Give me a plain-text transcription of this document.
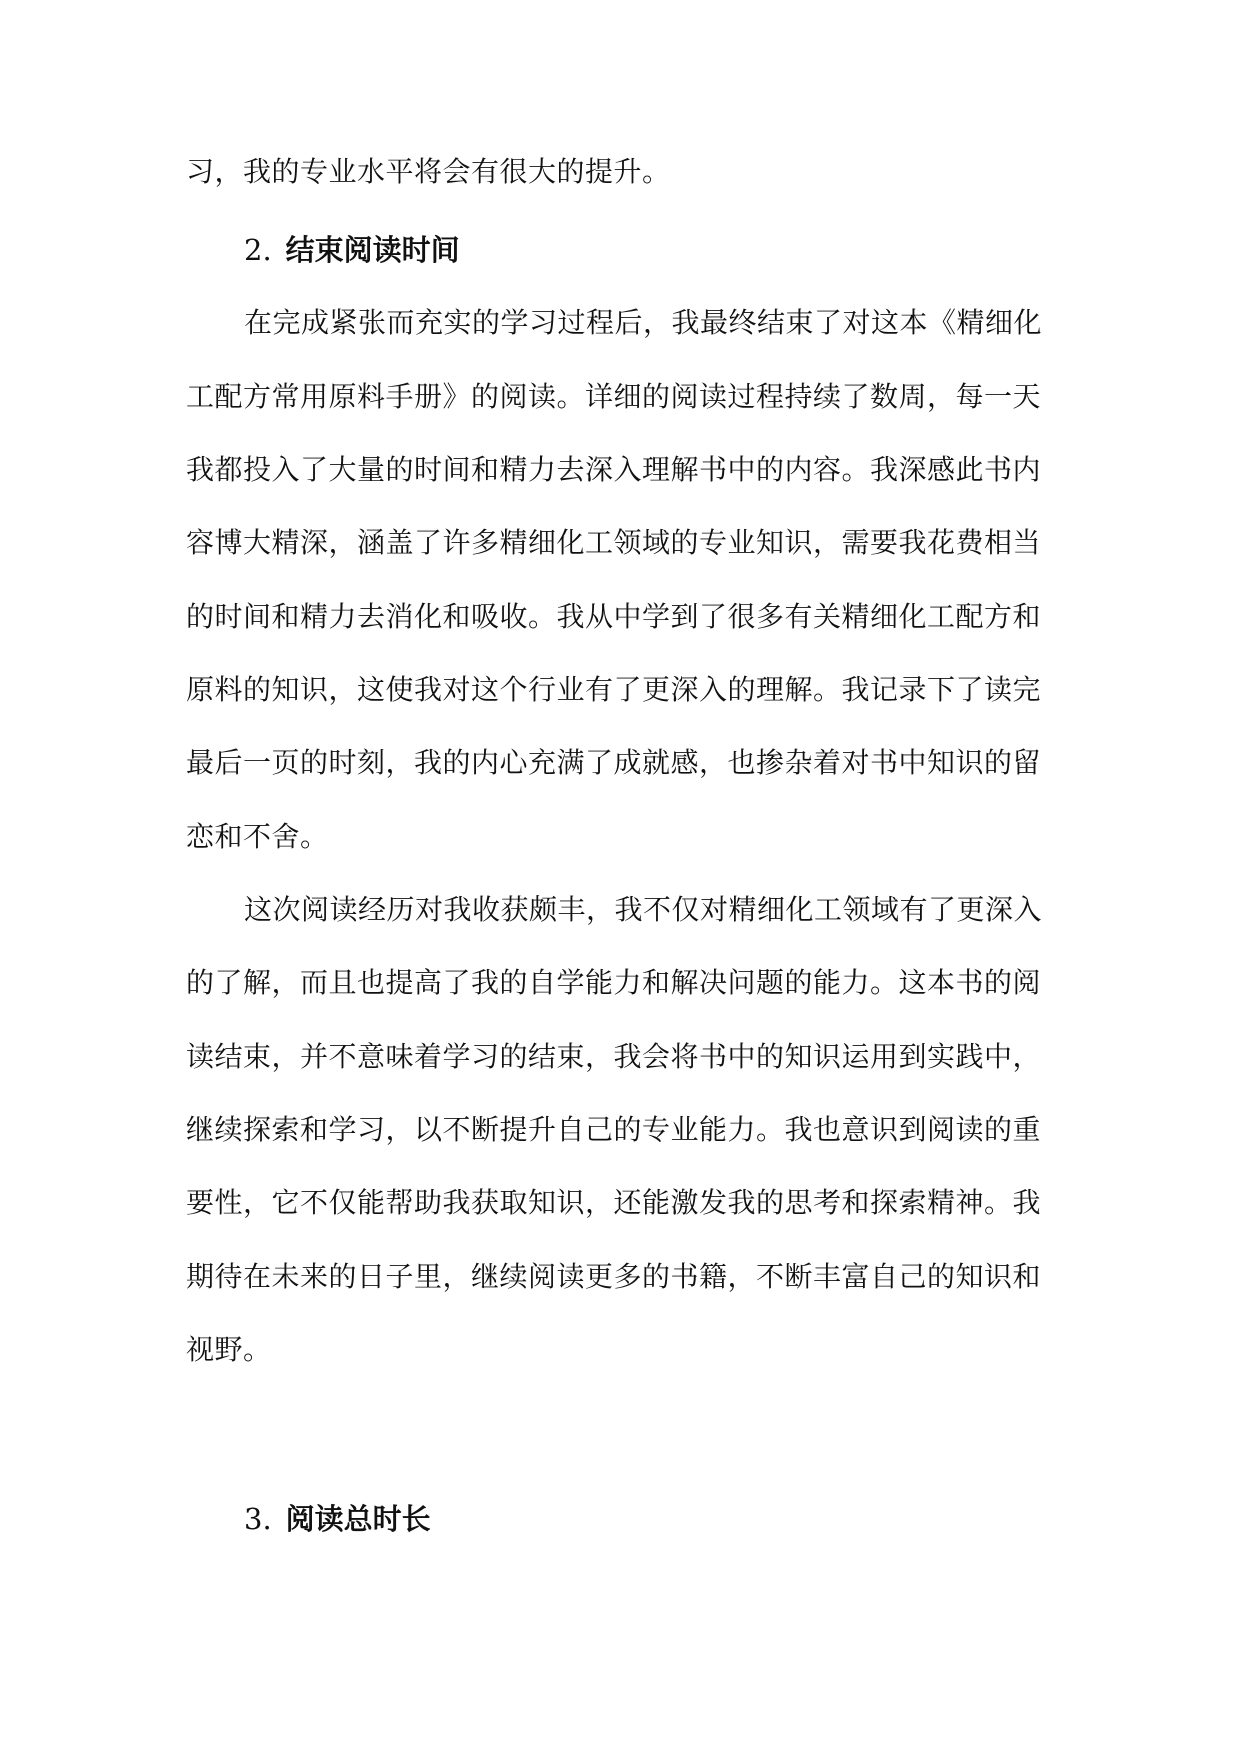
习，我的专业水平将会有很大的提升。
2. 结束阅读时间
在完成紧张而充实的学习过程后，我最终结束了对这本《精细化
工配方常用原料手册》的阅读。详细的阅读过程持续了数周，每一天
我都投入了大量的时间和精力去深入理解书中的内容。我深感此书内
容博大精深，涵盖了许多精细化工领域的专业知识，需要我花费相当
的时间和精力去消化和吸收。我从中学到了很多有关精细化工配方和
原料的知识，这使我对这个行业有了更深入的理解。我记录下了读完
最后一页的时刻，我的内心充满了成就感，也掺杂着对书中知识的留
恋和不舍。
这次阅读经历对我收获颇丰，我不仅对精细化工领域有了更深入
的了解，而且也提高了我的自学能力和解决问题的能力。这本书的阅
读结束，并不意味着学习的结束，我会将书中的知识运用到实践中，
继续探索和学习，以不断提升自己的专业能力。我也意识到阅读的重
要性，它不仅能帮助我获取知识，还能激发我的思考和探索精神。我
期待在未来的日子里，继续阅读更多的书籍，不断丰富自己的知识和
视野。
3. 阅读总时长
